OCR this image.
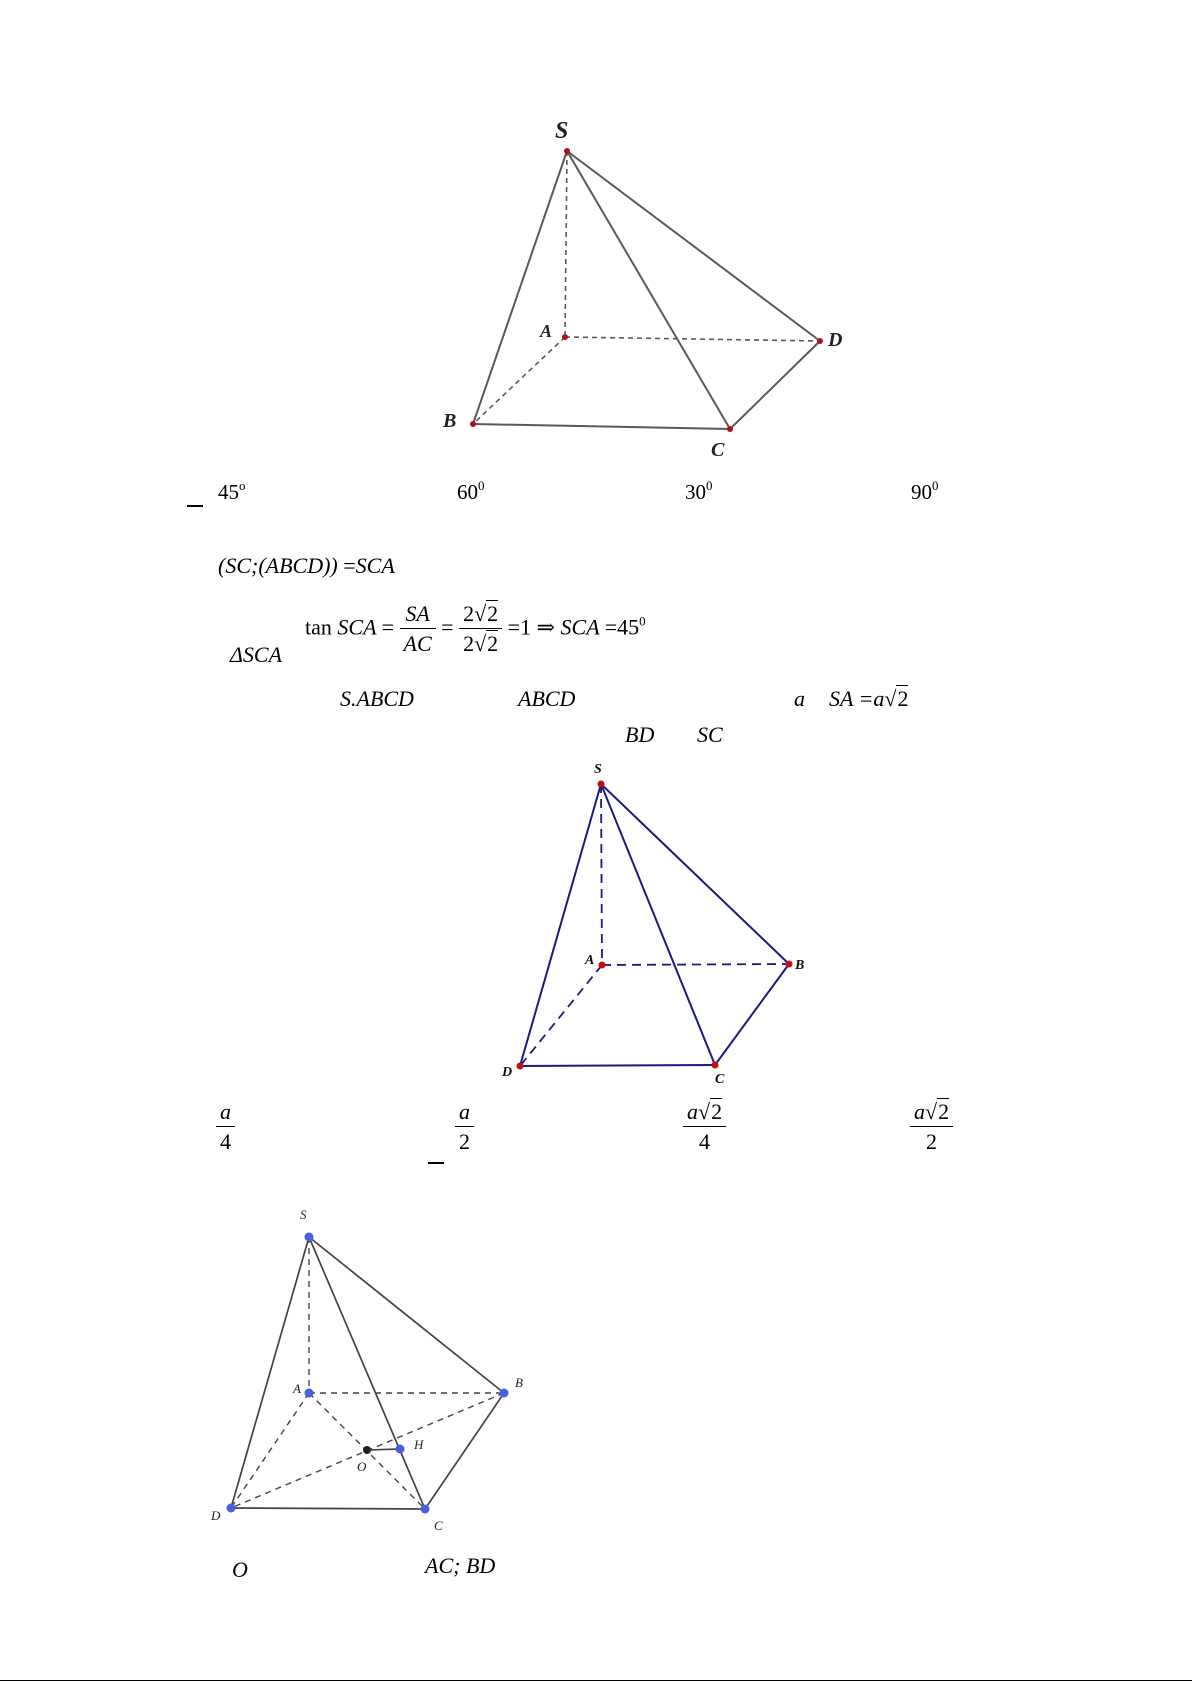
S
A
B
C
D
45$^o$	$60^0$	$30^0$	$90^0$
(SC;(ABCD)) =SCA
ΔSCA
tan SCA = $\frac{SA}{AC} = \frac{2√2}{2√2} =1$ ⇒ SCA $=45^0$
S.ABCD	ABCD	a SA =a√2
BD SC
S
A	B
C
D
$\frac{a}{4}$	$\frac{a}{2}$	$\frac{a√2}{4}$	$\frac{a√2}{2}$
S
A	B
C
D
O
H
O	AC; BD
